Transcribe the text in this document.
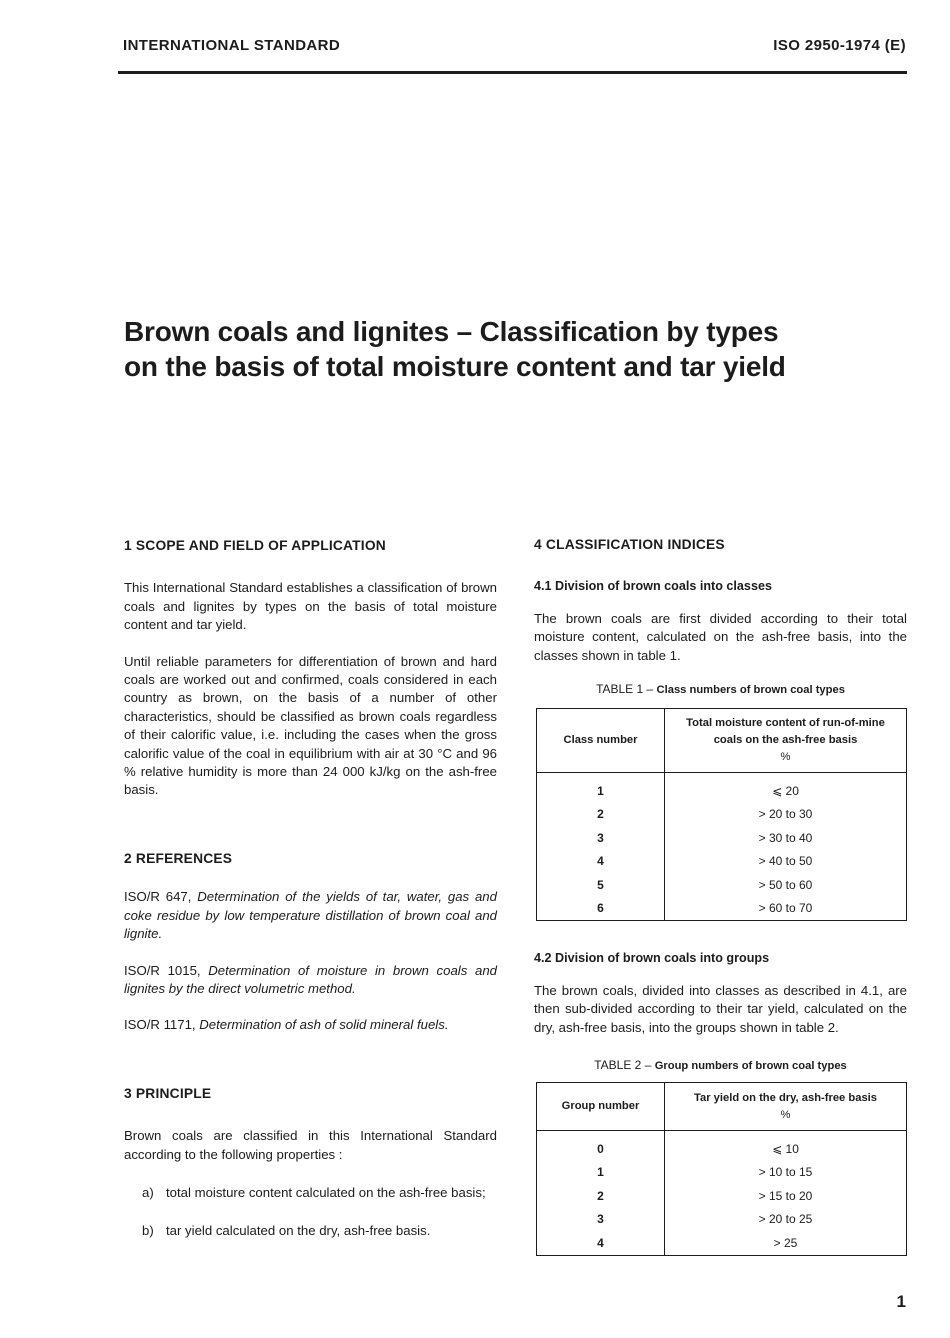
INTERNATIONAL STANDARD	ISO 2950-1974 (E)
Brown coals and lignites – Classification by types
on the basis of total moisture content and tar yield
1 SCOPE AND FIELD OF APPLICATION

This International Standard establishes a classification of brown coals and lignites by types on the basis of total moisture content and tar yield.

Until reliable parameters for differentiation of brown and hard coals are worked out and confirmed, coals considered in each country as brown, on the basis of a number of other characteristics, should be classified as brown coals regardless of their calorific value, i.e. including the cases when the gross calorific value of the coal in equilibrium with air at 30 °C and 96 % relative humidity is more than 24 000 kJ/kg on the ash-free basis.

2 REFERENCES

ISO/R 647, Determination of the yields of tar, water, gas and coke residue by low temperature distillation of brown coal and lignite.

ISO/R 1015, Determination of moisture in brown coals and lignites by the direct volumetric method.

ISO/R 1171, Determination of ash of solid mineral fuels.

3 PRINCIPLE

Brown coals are classified in this International Standard according to the following properties :

a) total moisture content calculated on the ash-free basis;

b) tar yield calculated on the dry, ash-free basis.

4 CLASSIFICATION INDICES
4.1 Division of brown coals into classes

The brown coals are first divided according to their total moisture content, calculated on the ash-free basis, into the classes shown in table 1.

TABLE 1 – Class numbers of brown coal types
Class number	Total moisture content of run-of-mine
coals on the ash-free basis
%

1	⩽ 20
2	> 20 to 30
3	> 30 to 40
4	> 40 to 50
5	> 50 to 60
6	> 60 to 70
4.2 Division of brown coals into groups

The brown coals, divided into classes as described in 4.1, are then sub-divided according to their tar yield, calculated on the dry, ash-free basis, into the groups shown in table 2.

TABLE 2 – Group numbers of brown coal types
Group number	Tar yield on the dry, ash-free basis
%

0	⩽ 10
1	> 10 to 15
2	> 15 to 20
3	> 20 to 25
4	> 25
1
